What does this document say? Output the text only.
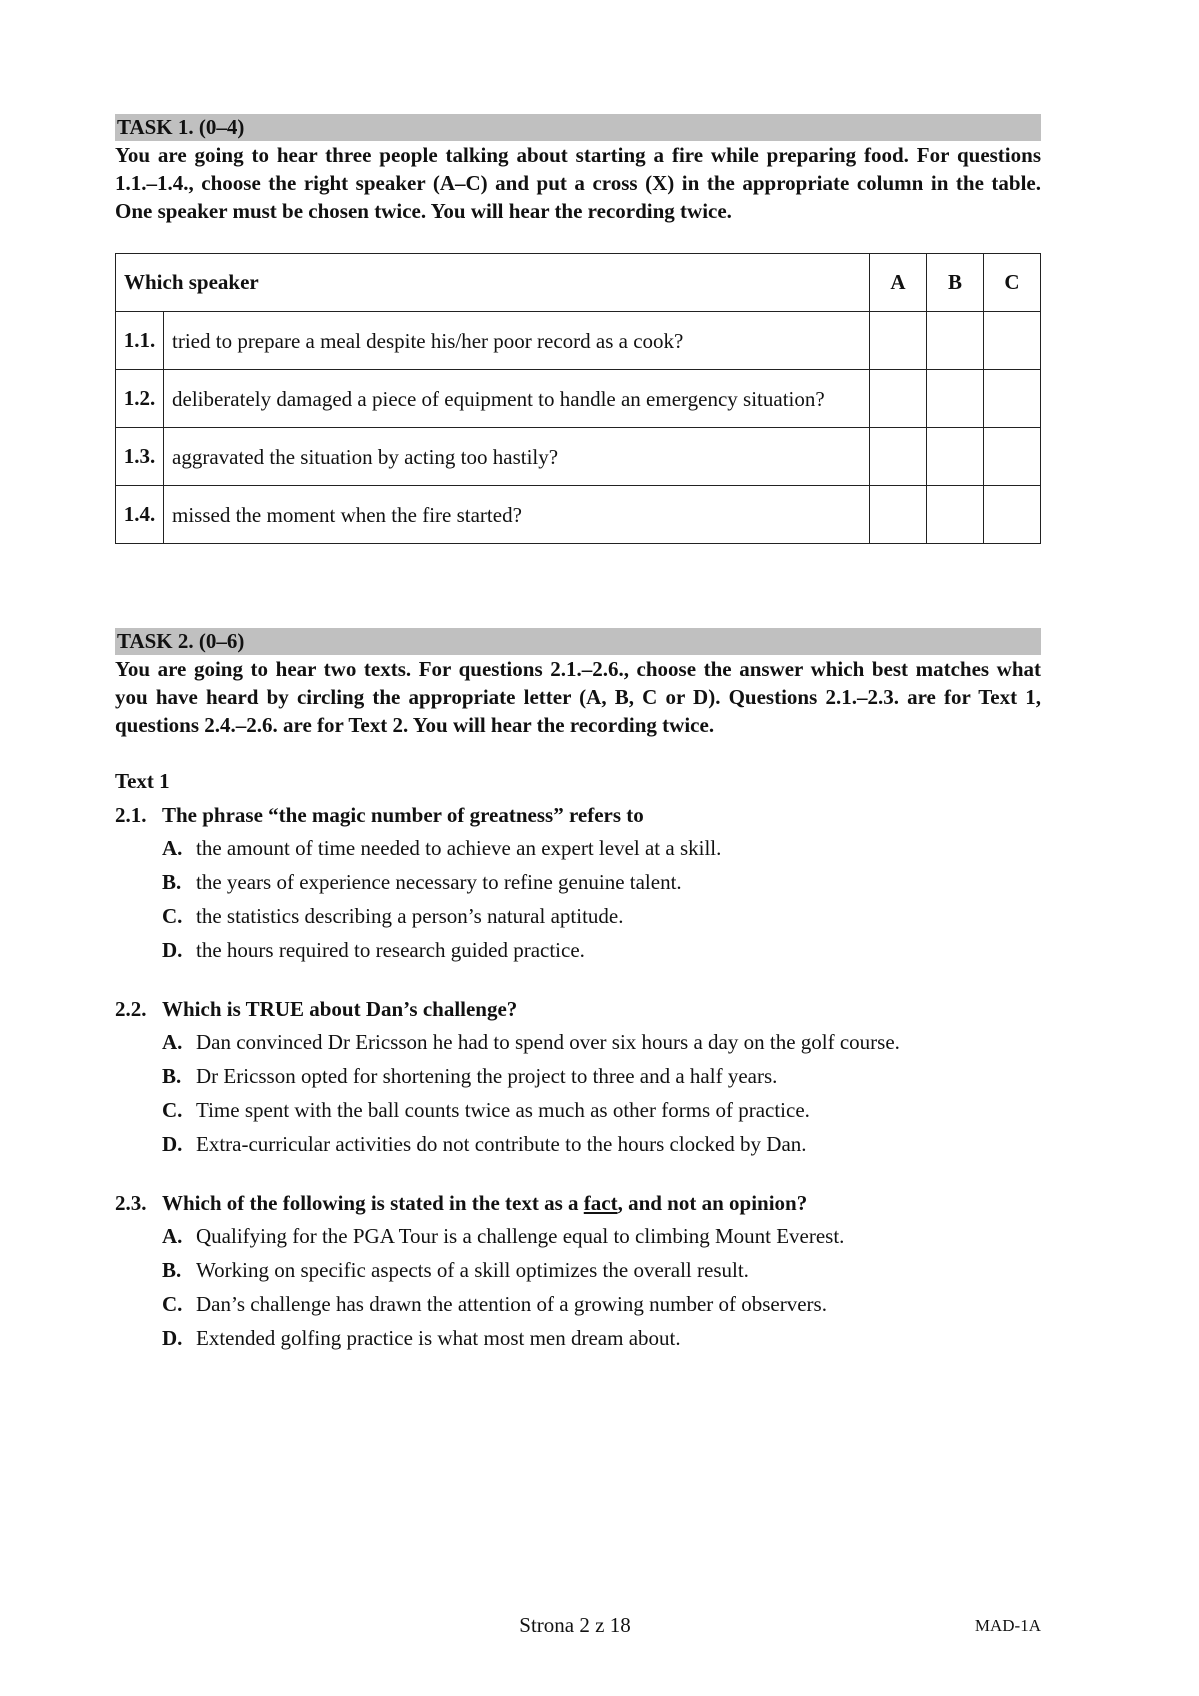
TASK 1. (0–4)

You are going to hear three people talking about starting a fire while preparing food. For questions 1.1.–1.4., choose the right speaker (A–C) and put a cross (X) in the appropriate column in the table. One speaker must be chosen twice. You will hear the recording twice.

Which speaker		A	B	C
1.1.	tried to prepare a meal despite his/her poor record as a cook?			
1.2.	deliberately damaged a piece of equipment to handle an emergency situation?			
1.3.	aggravated the situation by acting too hastily?			
1.4.	missed the moment when the fire started?			
TASK 2. (0–6)

You are going to hear two texts. For questions 2.1.–2.6., choose the answer which best matches what you have heard by circling the appropriate letter (A, B, C or D). Questions 2.1.–2.3. are for Text 1, questions 2.4.–2.6. are for Text 2. You will hear the recording twice.

Text 1
2.1. The phrase “the magic number of greatness” refers to
A. the amount of time needed to achieve an expert level at a skill.
B. the years of experience necessary to refine genuine talent.
C. the statistics describing a person’s natural aptitude.
D. the hours required to research guided practice.
2.2. Which is TRUE about Dan’s challenge?
A. Dan convinced Dr Ericsson he had to spend over six hours a day on the golf course.
B. Dr Ericsson opted for shortening the project to three and a half years.
C. Time spent with the ball counts twice as much as other forms of practice.
D. Extra-curricular activities do not contribute to the hours clocked by Dan.
2.3. Which of the following is stated in the text as a fact, and not an opinion?
A. Qualifying for the PGA Tour is a challenge equal to climbing Mount Everest.
B. Working on specific aspects of a skill optimizes the overall result.
C. Dan’s challenge has drawn the attention of a growing number of observers.
D. Extended golfing practice is what most men dream about.
Strona 2 z 18	MAD-1A
